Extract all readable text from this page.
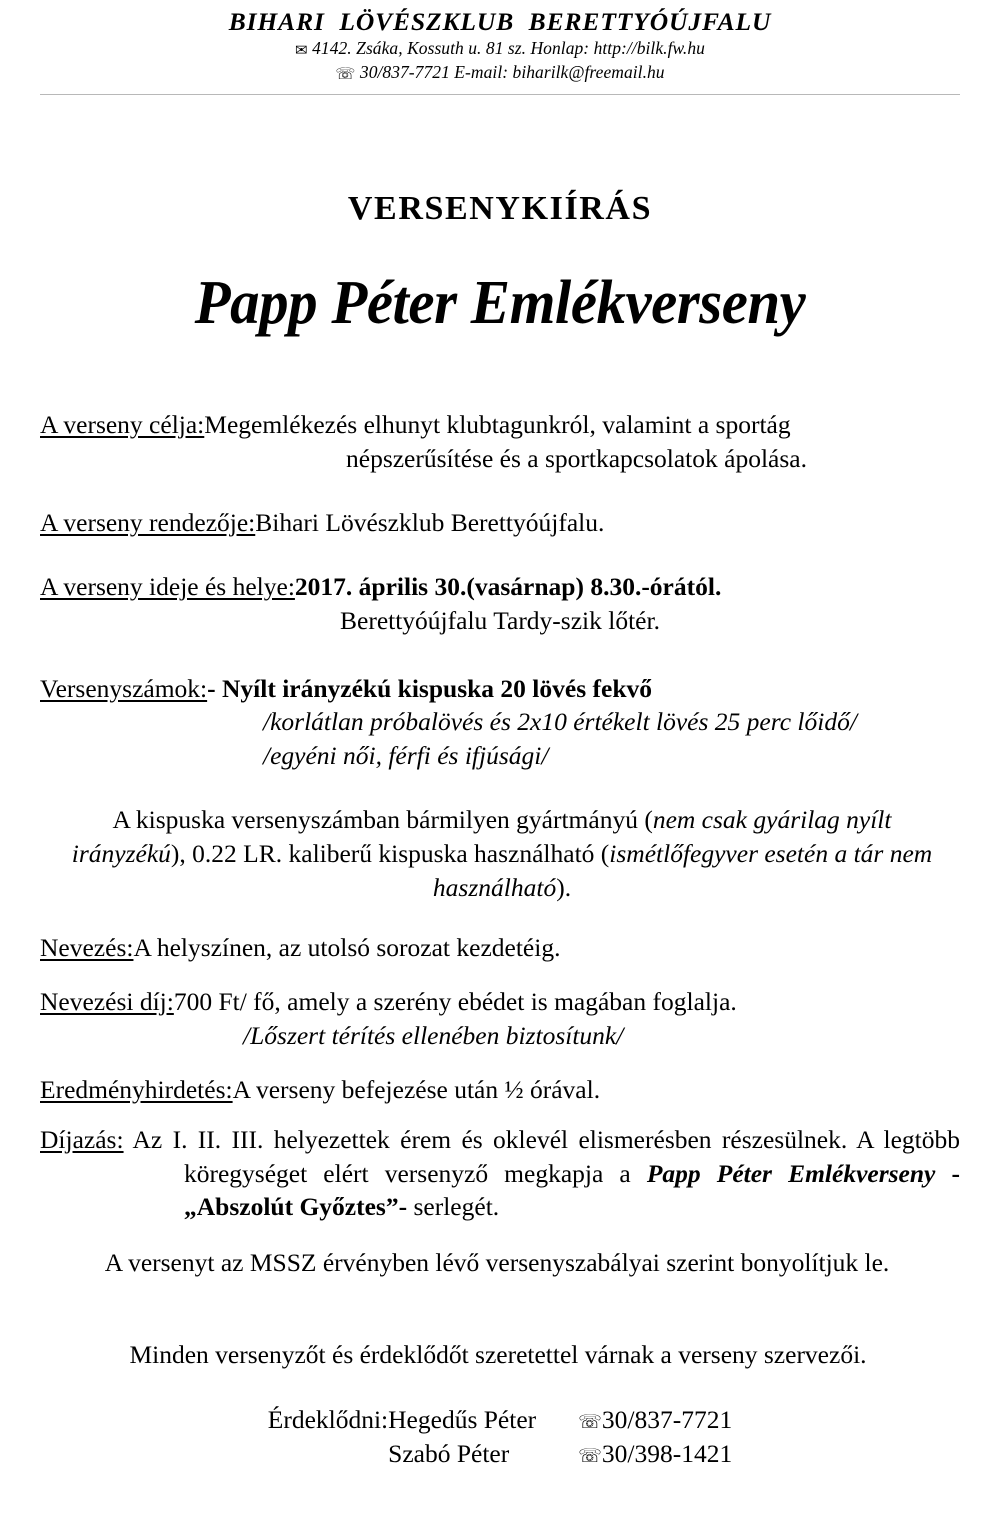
BIHARI  LÖVÉSZKLUB  BERETTYÓÚJFALU
✉ 4142. Zsáka, Kossuth u. 81 sz. Honlap: http://bilk.fw.hu
☏ 30/837-7721 E-mail: biharilk@freemail.hu
VERSENYKIÍRÁS
Papp Péter Emlékverseny
A verseny célja:Megemlékezés elhunyt klubtagunkról, valamint a sportág
népszerűsítése és a sportkapcsolatok ápolása.
A verseny rendezője:Bihari Lövészklub Berettyóújfalu.
A verseny ideje és helye:2017. április 30.(vasárnap) 8.30.-órától.
Berettyóújfalu Tardy-szik lőtér.
Versenyszámok:- Nyílt irányzékú kispuska 20 lövés fekvő
/korlátlan próbalövés és 2x10 értékelt lövés 25 perc lőidő/
/egyéni női, férfi és ifjúsági/
A kispuska versenyszámban bármilyen gyártmányú (nem csak gyárilag nyílt irányzékú), 0.22 LR. kaliberű kispuska használható (ismétlőfegyver esetén a tár nem használható).
Nevezés:A helyszínen, az utolsó sorozat kezdetéig.
Nevezési díj:700 Ft/ fő, amely a szerény ebédet is magában foglalja.
/Lőszert térítés ellenében biztosítunk/
Eredményhirdetés:A verseny befejezése után ½ órával.
Díjazás: Az I. II. III. helyezettek érem és oklevél elismerésben részesülnek. A legtöbb köregységet elért versenyző megkapja a Papp Péter Emlékverseny -„Abszolút Győztes”- serlegét.
A versenyt az MSSZ érvényben lévő versenyszabályai szerint bonyolítjuk le.
Minden versenyzőt és érdeklődőt szeretettel várnak a verseny szervezői.
Érdeklődni:	Hegedűs Péter	☏	30/837-7721
	Szabó Péter	☏	30/398-1421
